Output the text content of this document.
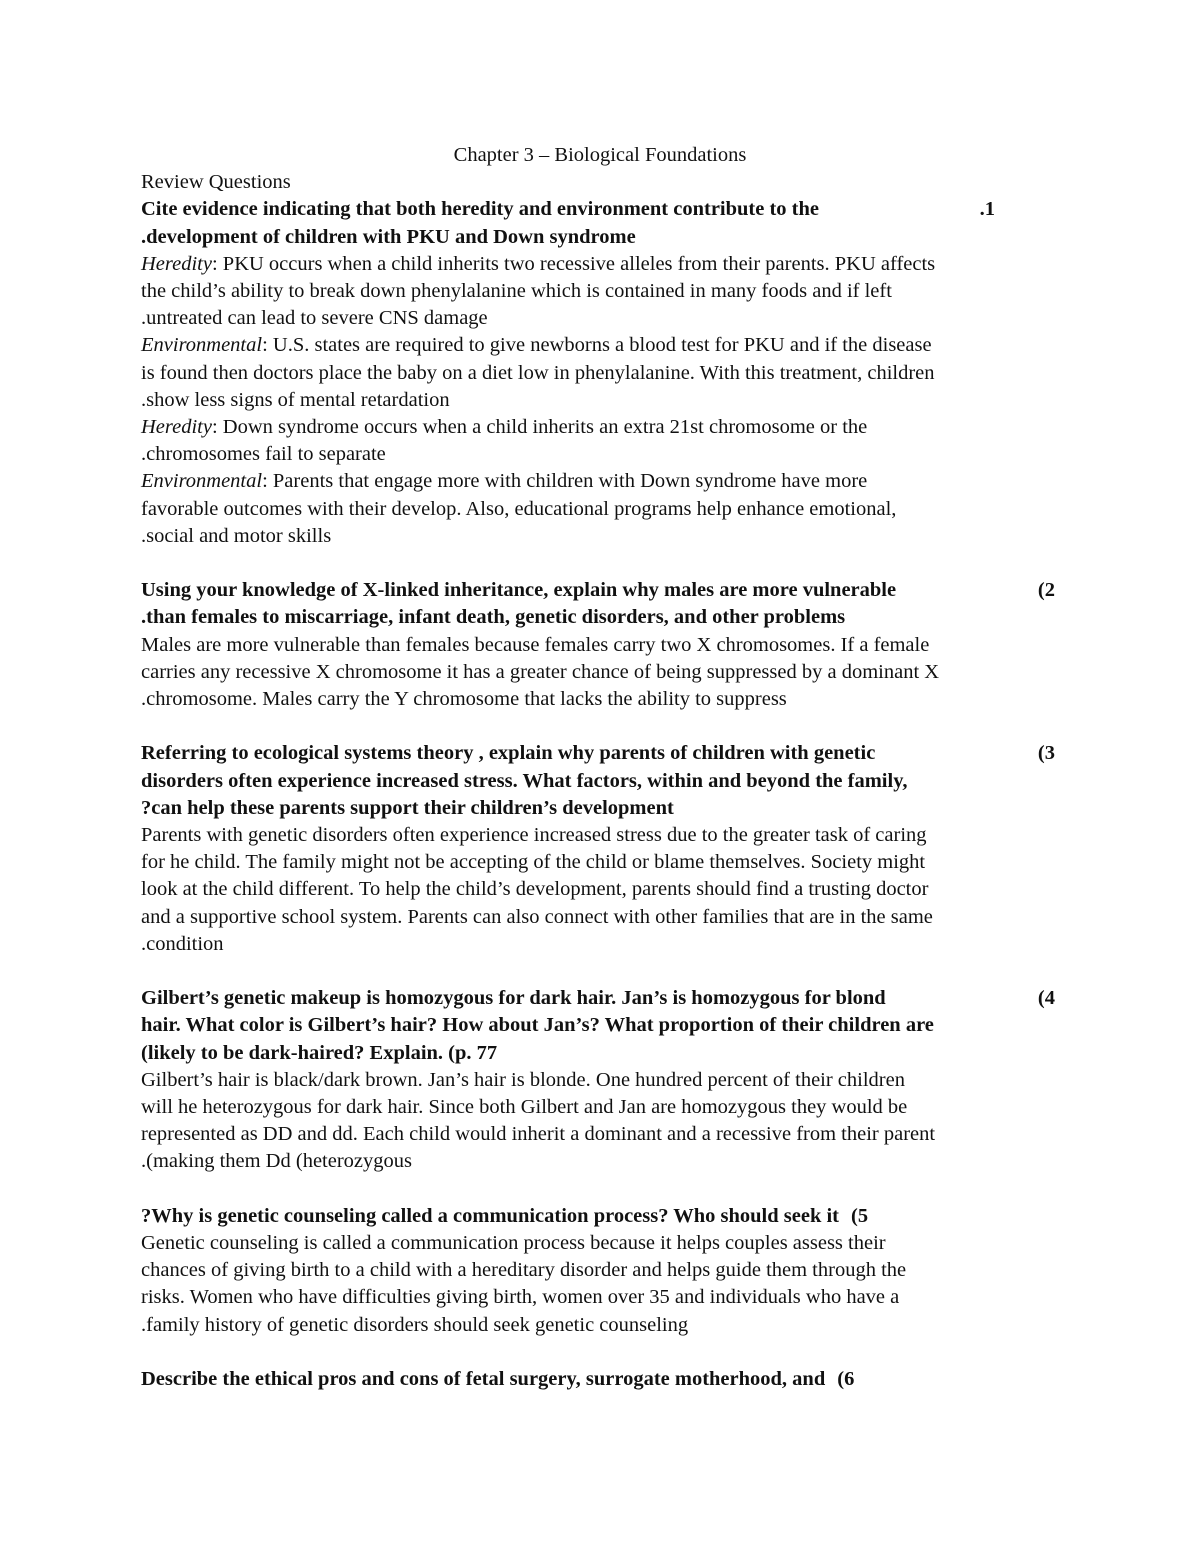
Chapter 3 – Biological Foundations

Review Questions

Cite evidence indicating that both heredity and environment contribute to the	.1
.development of children with PKU and Down syndrome
Heredity: PKU occurs when a child inherits two recessive alleles from their parents. PKU affects
the child’s ability to break down phenylalanine which is contained in many foods and if left
.untreated can lead to severe CNS damage
Environmental: U.S. states are required to give newborns a blood test for PKU and if the disease
is found then doctors place the baby on a diet low in phenylalanine. With this treatment, children
.show less signs of mental retardation
Heredity: Down syndrome occurs when a child inherits an extra 21st chromosome or the
.chromosomes fail to separate
Environmental: Parents that engage more with children with Down syndrome have more
favorable outcomes with their develop. Also, educational programs help enhance emotional,
.social and motor skills
Using your knowledge of X-linked inheritance, explain why males are more vulnerable	(2
.than females to miscarriage, infant death, genetic disorders, and other problems
Males are more vulnerable than females because females carry two X chromosomes. If a female
carries any recessive X chromosome it has a greater chance of being suppressed by a dominant X
.chromosome. Males carry the Y chromosome that lacks the ability to suppress
Referring to ecological systems theory , explain why parents of children with genetic	(3
disorders often experience increased stress. What factors, within and beyond the family,
?can help these parents support their children’s development
Parents with genetic disorders often experience increased stress due to the greater task of caring
for he child. The family might not be accepting of the child or blame themselves. Society might
look at the child different. To help the child’s development, parents should find a trusting doctor
and a supportive school system. Parents can also connect with other families that are in the same
.condition
Gilbert’s genetic makeup is homozygous for dark hair. Jan’s is homozygous for blond	(4
hair. What color is Gilbert’s hair? How about Jan’s? What proportion of their children are
(likely to be dark-haired? Explain. (p. 77
Gilbert’s hair is black/dark brown. Jan’s hair is blonde. One hundred percent of their children
will he heterozygous for dark hair. Since both Gilbert and Jan are homozygous they would be
represented as DD and dd. Each child would inherit a dominant and a recessive from their parent
.(making them Dd (heterozygous
?Why is genetic counseling called a communication process? Who should seek it (5
Genetic counseling is called a communication process because it helps couples assess their
chances of giving birth to a child with a hereditary disorder and helps guide them through the
risks. Women who have difficulties giving birth, women over 35 and individuals who have a
.family history of genetic disorders should seek genetic counseling
Describe the ethical pros and cons of fetal surgery, surrogate motherhood, and (6
